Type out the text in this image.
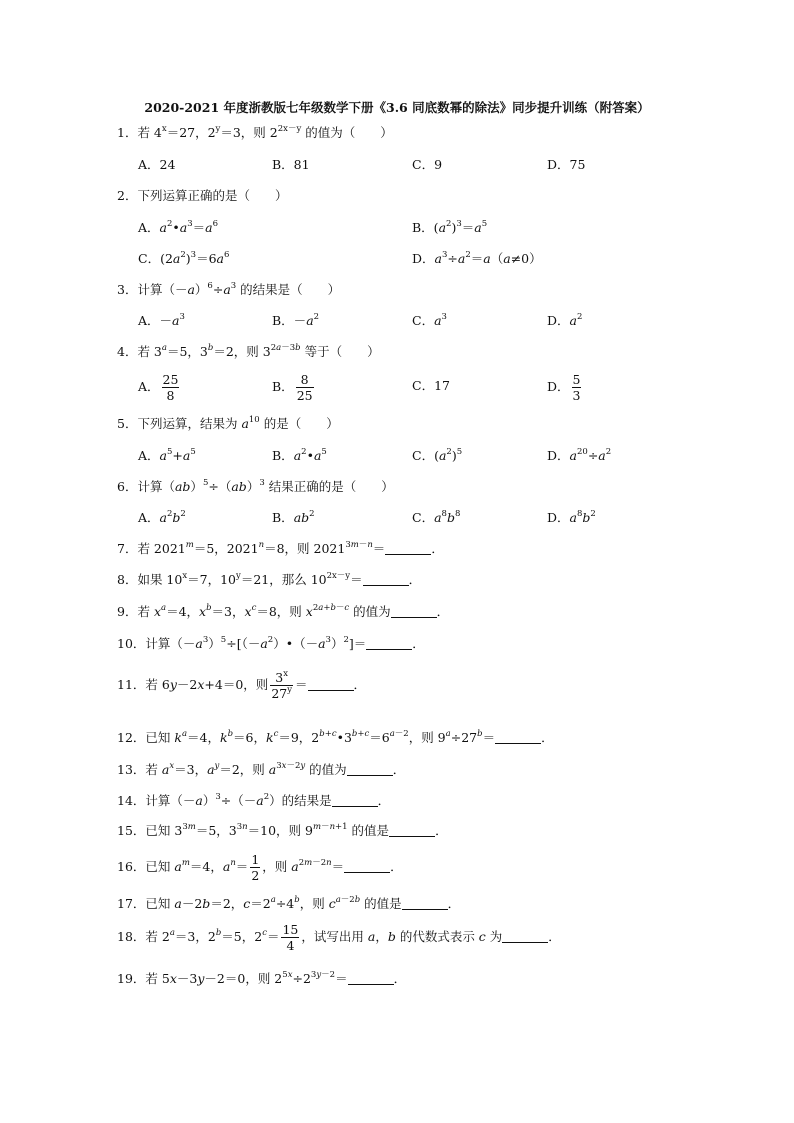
2020-2021 年度浙教版七年级数学下册《3.6 同底数幂的除法》同步提升训练（附答案）
1．若 $4^x=27$，$2^y=3$，则 $2^{2x-y}$ 的值为（　　）
A．24	B．81	C．9	D．75
2．下列运算正确的是（　　）
A．$a^2•a^3=a^6$	B．$(a^2)^3=a^5$
C．$(2a^2)^3=6a^6$	D．$a^3\div a^2=a(a\ne 0)$
3．计算$(-a)^6\div a^3$ 的结果是（　　）
A．$-a^3$	B．$-a^2$	C．$a^3$	D．$a^2$
4．若 $3^a=5$，$3^b=2$，则 $3^{2a-3b}$ 等于（　　）
A． $\frac{25}{8}$	B． $\frac{8}{25}$	C．17	D． $\frac{5}{3}$
5．下列运算，结果为 $a^{10}$ 的是（　　）
A．$a^5+a^5$	B．$a^2•a^5$	C．$(a^2)^5$	D．$a^{20}\div a^2$
6．计算（ab）$^5$÷（ab）$^3$ 结果正确的是（　　）
A．$a^2b^2$	B．$ab^2$	C．$a^8b^8$	D．$a^8b^2$
7．若 $2021^m=5$，$2021^n=8$，则 $2021^{3m-n}=$	．
8．如果 $10^x=7$，$10^y=21$，那么 $10^{2x-y}=$	．
9．若 $x^a=4$，$x^b=3$，$x^c=8$，则 $x^{2a+b-c}$ 的值为	．
10．计算$(-a^3)^5\div[(-a^2)•(-a^3)^2]=$	．
11．若 6y－2x+4＝0，则 $\frac{3^x}{27^y}$ ＝	．
12．已知 $k^a=4$，$k^b=6$，$k^c=9$，$2^{b+c}•3^{b+c}=6^{a-2}$，则 $9^a\div 27^b=$	．
13．若 $a^x=3$，$a^y=2$，则 $a^{3x-2y}$ 的值为	．
14．计算$(-a)^3\div(-a^2)$的结果是	．
15．已知 $3^{3m}=5$，$3^{3n}=10$，则 $9^{m-n+1}$ 的值是	．
16．已知 $a^m=4$，$a^n= \frac{1}{2}$ ，则 $a^{2m-2n}=$	．
17．已知 a－2b＝2，$c=2^a\div 4^b$，则 $c^{a-2b}$ 的值是	．
18．若 $2^a=3$，$2^b=5$，$2^c= \frac{15}{4}$ ，试写出用 a，b 的代数式表示 c 为	．
19．若 5x－3y－2＝0，则 $2^{5x}\div 2^{3y-2}=$	．
